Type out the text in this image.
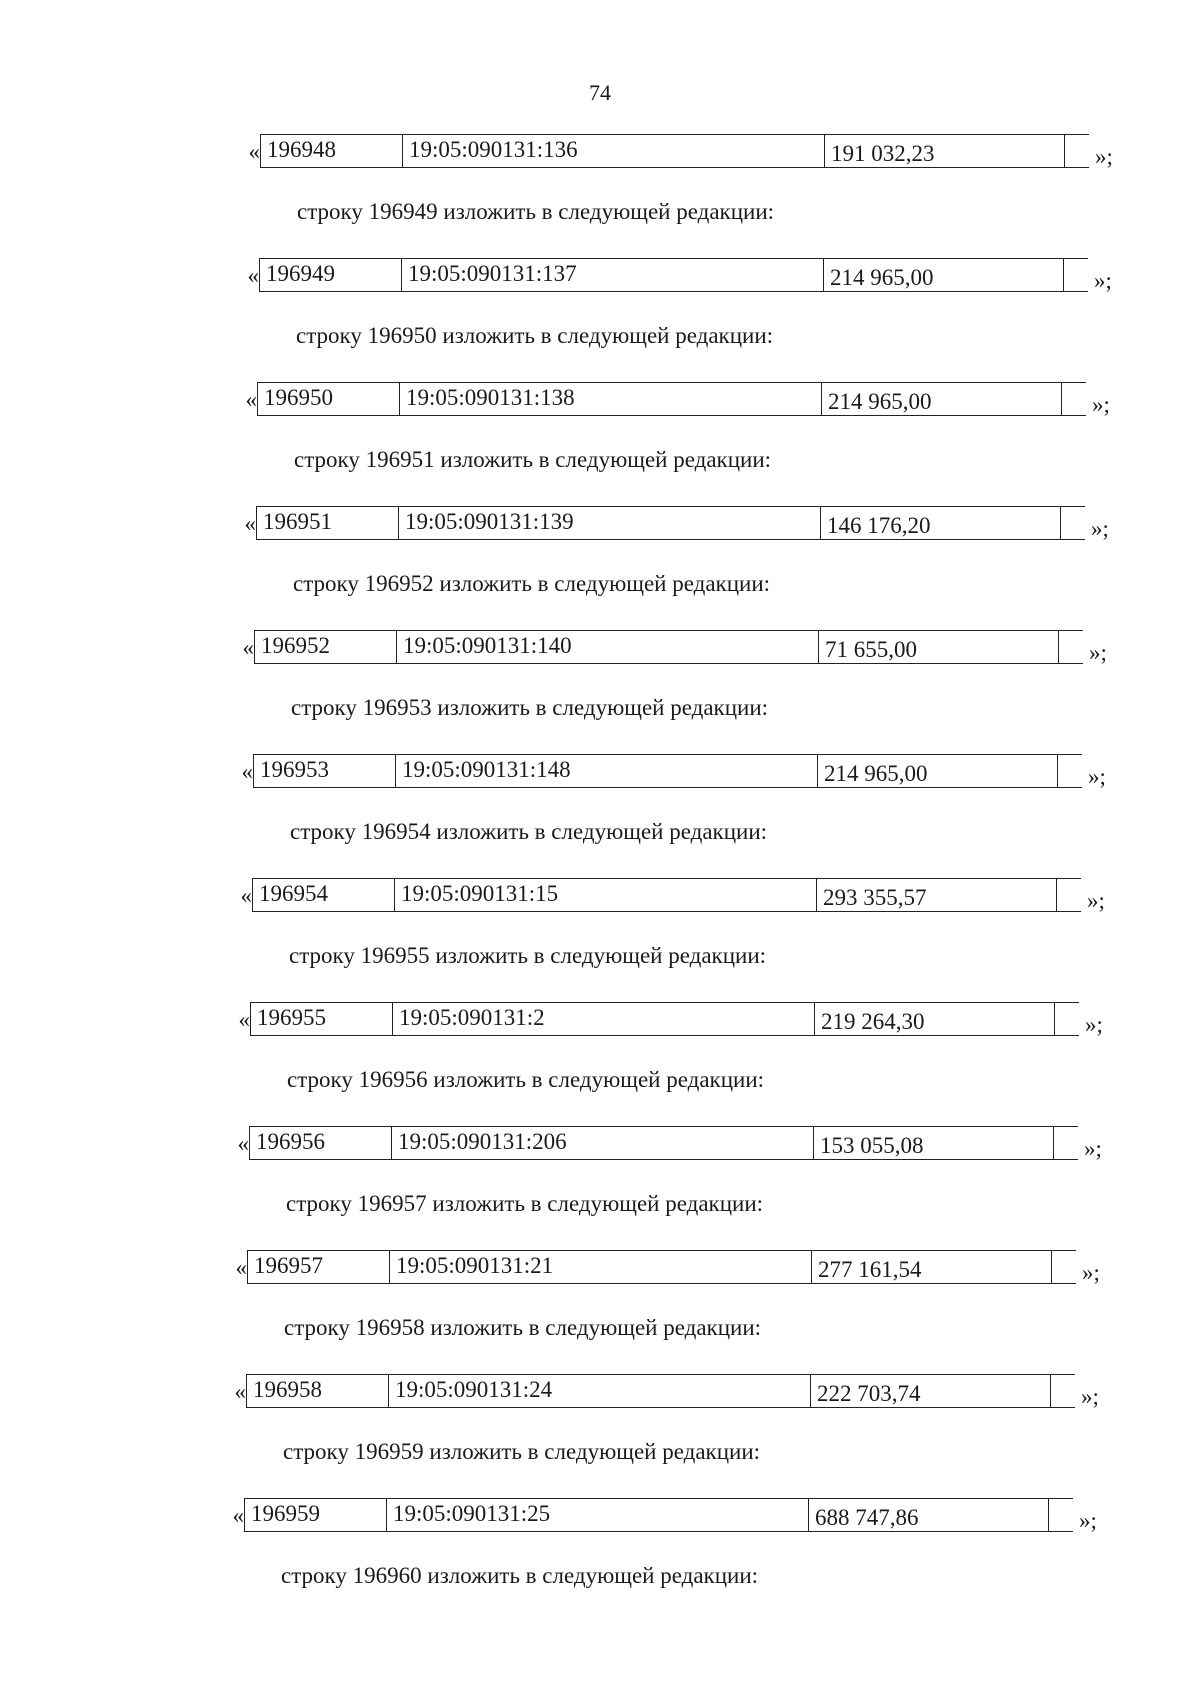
74
« 196948	19:05:090131:136	191 032,23	»;
строку 196949 изложить в следующей редакции:
« 196949	19:05:090131:137	214 965,00	»;
строку 196950 изложить в следующей редакции:
« 196950	19:05:090131:138	214 965,00	»;
строку 196951 изложить в следующей редакции:
« 196951	19:05:090131:139	146 176,20	»;
строку 196952 изложить в следующей редакции:
« 196952	19:05:090131:140	71 655,00	»;
строку 196953 изложить в следующей редакции:
« 196953	19:05:090131:148	214 965,00	»;
строку 196954 изложить в следующей редакции:
« 196954	19:05:090131:15	293 355,57	»;
строку 196955 изложить в следующей редакции:
« 196955	19:05:090131:2	219 264,30	»;
строку 196956 изложить в следующей редакции:
« 196956	19:05:090131:206	153 055,08	»;
строку 196957 изложить в следующей редакции:
« 196957	19:05:090131:21	277 161,54	»;
строку 196958 изложить в следующей редакции:
« 196958	19:05:090131:24	222 703,74	»;
строку 196959 изложить в следующей редакции:
« 196959	19:05:090131:25	688 747,86	»;
строку 196960 изложить в следующей редакции:
